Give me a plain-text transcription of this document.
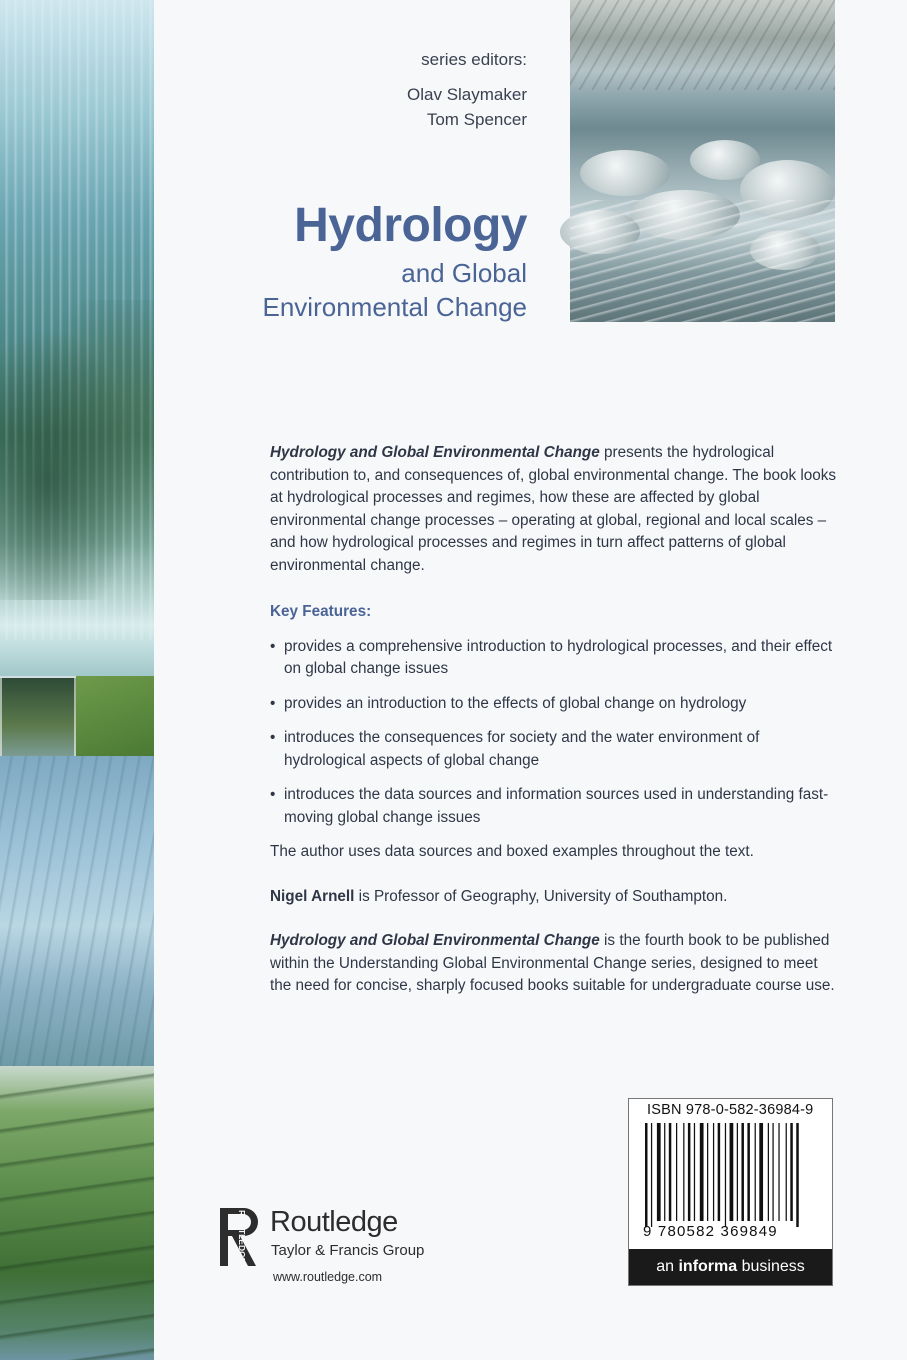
series editors:
Olav Slaymaker
Tom Spencer
Hydrology
and Global
Environmental Change

Hydrology and Global Environmental Change presents the hydrological contribution to, and consequences of, global environmental change. The book looks at hydrological processes and regimes, how these are affected by global environmental change processes – operating at global, regional and local scales – and how hydrological processes and regimes in turn affect patterns of global environmental change.

Key Features:

• provides a comprehensive introduction to hydrological processes, and their effect on global change issues
• provides an introduction to the effects of global change on hydrology
• introduces the consequences for society and the water environment of hydrological aspects of global change
• introduces the data sources and information sources used in understanding fast-moving global change issues

The author uses data sources and boxed examples throughout the text.

Nigel Arnell is Professor of Geography, University of Southampton.

Hydrology and Global Environmental Change is the fourth book to be published within the Understanding Global Environmental Change series, designed to meet the need for concise, sharply focused books suitable for undergraduate course use.

ROUTLEDGE Routledge
Taylor & Francis Group
www.routledge.com
ISBN 978-0-582-36984-9
9 780582 369849
an informa business
